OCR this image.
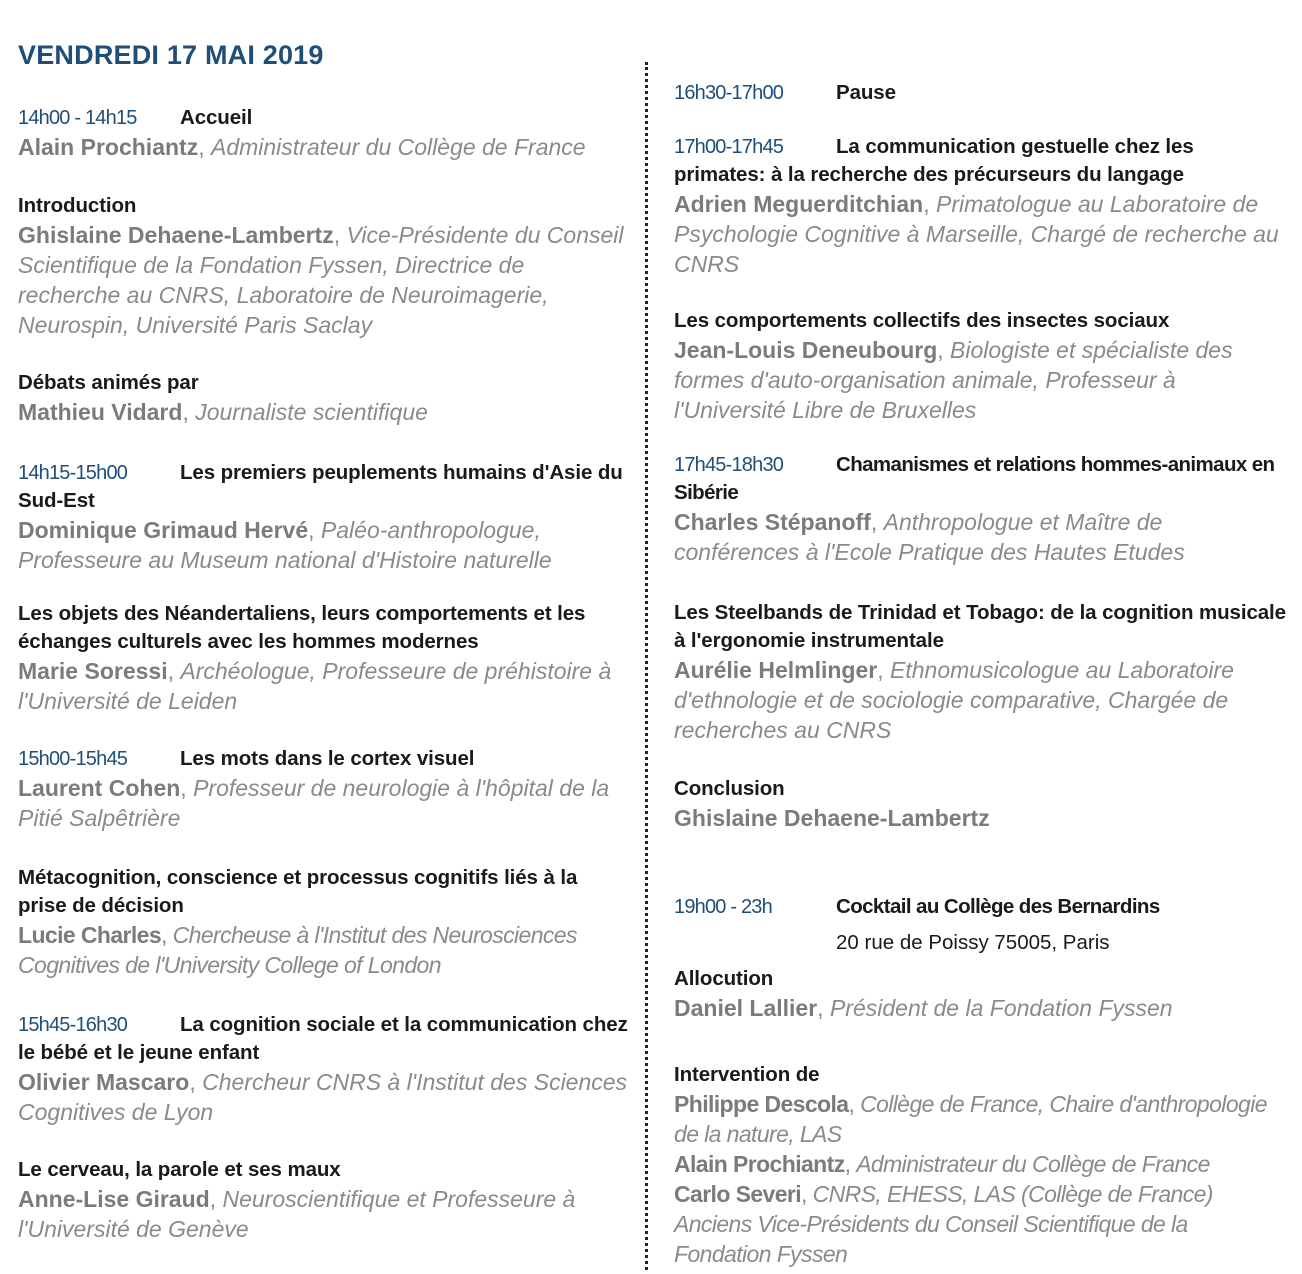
VENDREDI 17 MAI 2019
14h00 - 14h15 Accueil
Alain Prochiantz, Administrateur du Collège de France
Introduction
Ghislaine Dehaene-Lambertz, Vice-Présidente du Conseil Scientifique de la Fondation Fyssen, Directrice de recherche au CNRS, Laboratoire de Neuroimagerie, Neurospin, Université Paris Saclay
Débats animés par
Mathieu Vidard, Journaliste scientifique
14h15-15h00	Les premiers peuplements humains d'Asie du Sud-Est
Dominique Grimaud Hervé, Paléo-anthropologue, Professeure au Museum national d'Histoire naturelle
Les objets des Néandertaliens, leurs comportements et les échanges culturels avec les hommes modernes
Marie Soressi, Archéologue, Professeure de préhistoire à l'Université de Leiden
15h00-15h45	Les mots dans le cortex visuel
Laurent Cohen, Professeur de neurologie à l'hôpital de la Pitié Salpêtrière
Métacognition, conscience et processus cognitifs liés à la prise de décision
Lucie Charles, Chercheuse à l'Institut des Neurosciences Cognitives de l'University College of London
15h45-16h30	La cognition sociale et la communication chez le bébé et le jeune enfant
Olivier Mascaro, Chercheur CNRS à l'Institut des Sciences Cognitives de Lyon
Le cerveau, la parole et ses maux
Anne-Lise Giraud, Neuroscientifique et Professeure à l'Université de Genève
16h30-17h00	Pause
17h00-17h45	La communication gestuelle chez les primates: à la recherche des précurseurs du langage
Adrien Meguerditchian, Primatologue au Laboratoire de Psychologie Cognitive à Marseille, Chargé de recherche au CNRS
Les comportements collectifs des insectes sociaux
Jean-Louis Deneubourg, Biologiste et spécialiste des formes d'auto-organisation animale, Professeur à l'Université Libre de Bruxelles
17h45-18h30	Chamanismes et relations hommes-animaux en Sibérie
Charles Stépanoff, Anthropologue et Maître de conférences à l'Ecole Pratique des Hautes Etudes
Les Steelbands de Trinidad et Tobago: de la cognition musicale à l'ergonomie instrumentale
Aurélie Helmlinger, Ethnomusicologue au Laboratoire d'ethnologie et de sociologie comparative, Chargée de recherches au CNRS
Conclusion
Ghislaine Dehaene-Lambertz
19h00 - 23h	Cocktail au Collège des Bernardins
20 rue de Poissy 75005, Paris
Allocution
Daniel Lallier, Président de la Fondation Fyssen
Intervention de
Philippe Descola, Collège de France, Chaire d'anthropologie de la nature, LAS
Alain Prochiantz, Administrateur du Collège de France
Carlo Severi, CNRS, EHESS, LAS (Collège de France)
Anciens Vice-Présidents du Conseil Scientifique de la Fondation Fyssen
